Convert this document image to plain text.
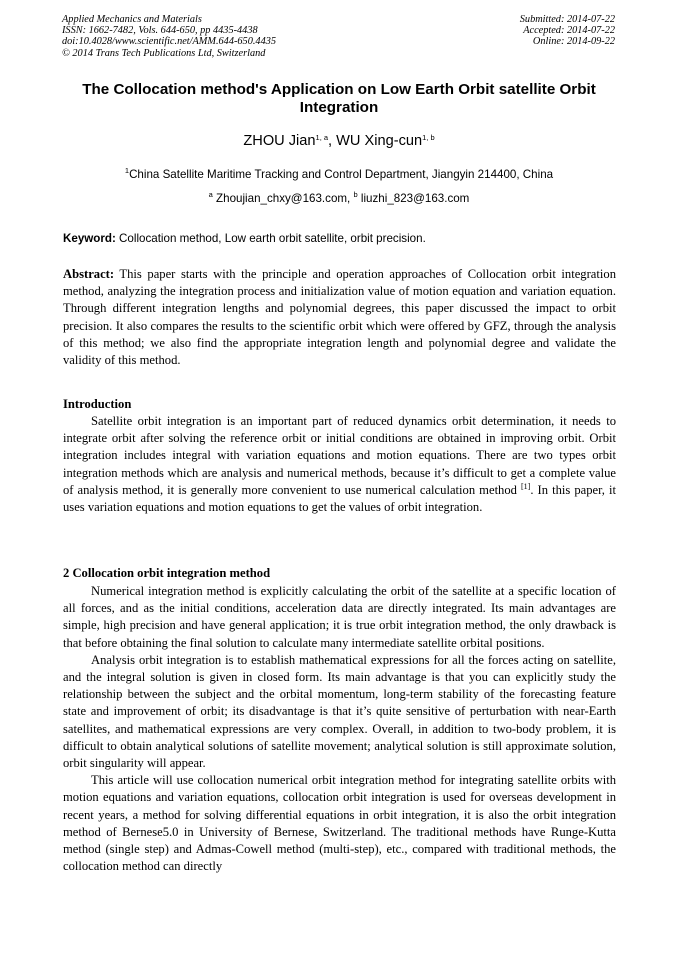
Applied Mechanics and Materials
ISSN: 1662-7482, Vols. 644-650, pp 4435-4438
doi:10.4028/www.scientific.net/AMM.644-650.4435
© 2014 Trans Tech Publications Ltd, Switzerland
Submitted: 2014-07-22
Accepted: 2014-07-22
Online: 2014-09-22
The Collocation method's Application on Low Earth Orbit satellite Orbit
Integration
ZHOU Jian$^{1, a}$, WU Xing-cun$^{1, b}$
$^1$China Satellite Maritime Tracking and Control Department, Jiangyin 214400, China
$^a$ Zhoujian_chxy@163.com, $^b$ liuzhi_823@163.com
Keyword: Collocation method, Low earth orbit satellite, orbit precision.

Abstract: This paper starts with the principle and operation approaches of Collocation orbit integration method, analyzing the integration process and initialization value of motion equation and variation equation. Through different integration lengths and polynomial degrees, this paper discussed the impact to orbit precision. It also compares the results to the scientific orbit which were offered by GFZ, through the analysis of this method; we also find the appropriate integration length and polynomial degree and validate the validity of this method.

Introduction

Satellite orbit integration is an important part of reduced dynamics orbit determination, it needs to integrate orbit after solving the reference orbit or initial conditions are obtained in improving orbit. Orbit integration includes integral with variation equations and motion equations. There are two types orbit integration methods which are analysis and numerical methods, because it’s difficult to get a complete value of analysis method, it is generally more convenient to use numerical calculation method [1]. In this paper, it uses variation equations and motion equations to get the values of orbit integration.

2 Collocation orbit integration method

Numerical integration method is explicitly calculating the orbit of the satellite at a specific location of all forces, and as the initial conditions, acceleration data are directly integrated. Its main advantages are simple, high precision and have general application; it is true orbit integration method, the only drawback is that before obtaining the final solution to calculate many intermediate satellite orbital positions.

Analysis orbit integration is to establish mathematical expressions for all the forces acting on satellite, and the integral solution is given in closed form. Its main advantage is that you can explicitly study the relationship between the subject and the orbital momentum, long-term stability of the forecasting feature state and improvement of orbit; its disadvantage is that it’s quite sensitive of perturbation with near-Earth satellites, and mathematical expressions are very complex. Overall, in addition to two-body problem, it is difficult to obtain analytical solutions of satellite movement; analytical solution is still approximate solution, orbit singularity will appear.

This article will use collocation numerical orbit integration method for integrating satellite orbits with motion equations and variation equations, collocation orbit integration is used for overseas development in recent years, a method for solving differential equations in orbit integration, it is also the orbit integration method of Bernese5.0 in University of Bernese, Switzerland. The traditional methods have Runge-Kutta method (single step) and Admas-Cowell method (multi-step), etc., compared with traditional methods, the collocation method can directly
